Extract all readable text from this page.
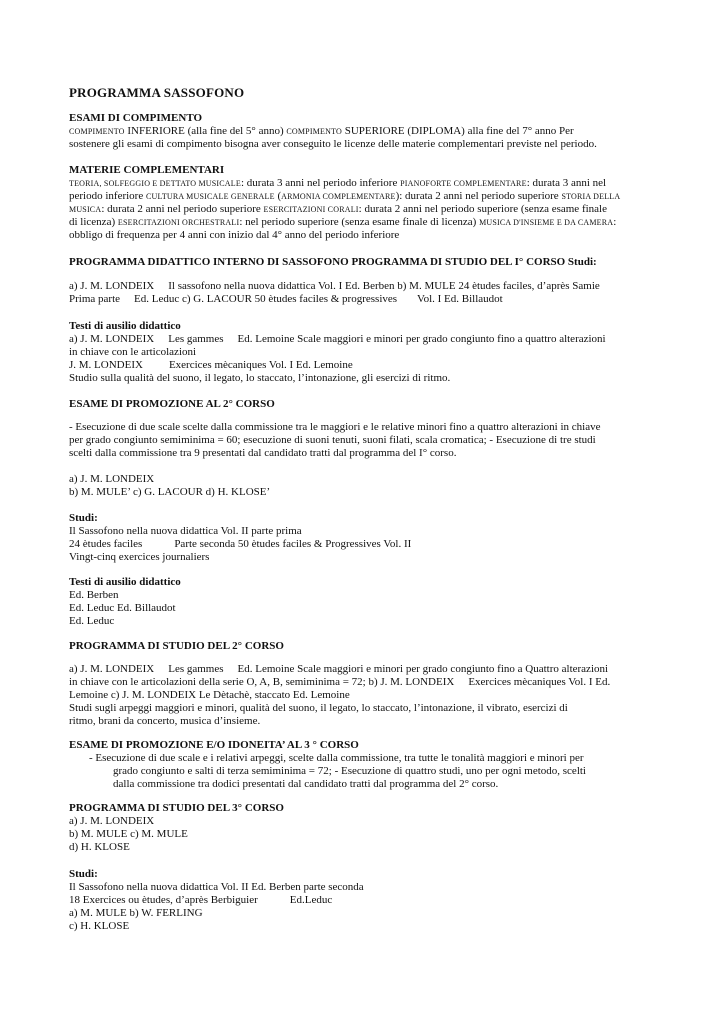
PROGRAMMA SASSOFONO

ESAMI DI COMPIMENTO

COMPIMENTO INFERIORE (alla fine del 5° anno) COMPIMENTO SUPERIORE (DIPLOMA) alla fine del 7° anno Per

sostenere gli esami di compimento bisogna aver conseguito le licenze delle materie complementari previste nel periodo.

MATERIE COMPLEMENTARI

TEORIA, SOLFEGGIO E DETTATO MUSICALE: durata 3 anni nel periodo inferiore PIANOFORTE COMPLEMENTARE: durata 3 anni nel

periodo inferiore CULTURA MUSICALE GENERALE (ARMONIA COMPLEMENTARE): durata 2 anni nel periodo superiore STORIA DELLA

MUSICA: durata 2 anni nel periodo superiore ESERCITAZIONI CORALI: durata 2 anni nel periodo superiore (senza esame finale

di licenza) ESERCITAZIONI ORCHESTRALI: nel periodo superiore (senza esame finale di licenza) MUSICA D'INSIEME E DA CAMERA:

obbligo di frequenza per 4 anni con inizio dal 4° anno del periodo inferiore

PROGRAMMA DIDATTICO INTERNO DI SASSOFONO PROGRAMMA DI STUDIO DEL I° CORSO Studi:

a) J. M. LONDEIX Il sassofono nella nuova didattica Vol. I Ed. Berben b) M. MULE 24 ètudes faciles, d’après Samie

Prima parte Ed. Leduc c) G. LACOUR 50 ètudes faciles & progressives Vol. I Ed. Billaudot

Testi di ausilio didattico

a) J. M. LONDEIX Les gammes Ed. Lemoine Scale maggiori e minori per grado congiunto fino a quattro alterazioni

in chiave con le articolazioni

J. M. LONDEIX Exercices mècaniques Vol. I Ed. Lemoine

Studio sulla qualità del suono, il legato, lo staccato, l’intonazione, gli esercizi di ritmo.

ESAME DI PROMOZIONE AL 2° CORSO

- Esecuzione di due scale scelte dalla commissione tra le maggiori e le relative minori fino a quattro alterazioni in chiave

per grado congiunto semiminima = 60; esecuzione di suoni tenuti, suoni filati, scala cromatica; - Esecuzione di tre studi

scelti dalla commissione tra 9 presentati dal candidato tratti dal programma del I° corso.

a) J. M. LONDEIX

b) M. MULE’ c) G. LACOUR d) H. KLOSE’

Studi:

Il Sassofono nella nuova didattica Vol. II parte prima

24 ètudes faciles	Parte seconda 50 ètudes faciles & Progressives Vol. II

Vingt-cinq exercices journaliers

Testi di ausilio didattico

Ed. Berben

Ed. Leduc Ed. Billaudot

Ed. Leduc

PROGRAMMA DI STUDIO DEL 2° CORSO

a) J. M. LONDEIX Les gammes Ed. Lemoine Scale maggiori e minori per grado congiunto fino a Quattro alterazioni

in chiave con le articolazioni della serie O, A, B, semiminima = 72; b) J. M. LONDEIX Exercices mècaniques Vol. I Ed.

Lemoine c) J. M. LONDEIX Le Dètachè, staccato Ed. Lemoine

Studi sugli arpeggi maggiori e minori, qualità del suono, il legato, lo staccato, l’intonazione, il vibrato, esercizi di

ritmo, brani da concerto, musica d’insieme.

ESAME DI PROMOZIONE E/O IDONEITA’ AL 3 ° CORSO

- Esecuzione di due scale e i relativi arpeggi, scelte dalla commissione, tra tutte le tonalità maggiori e minori per

grado congiunto e salti di terza semiminima = 72; - Esecuzione di quattro studi, uno per ogni metodo, scelti

dalla commissione tra dodici presentati dal candidato tratti dal programma del 2° corso.

PROGRAMMA DI STUDIO DEL 3° CORSO

a) J. M. LONDEIX

b) M. MULE c) M. MULE

d) H. KLOSE

Studi:

Il Sassofono nella nuova didattica Vol. II Ed. Berben parte seconda

18 Exercices ou ètudes, d’après Berbiguier	Ed.Leduc

a) M. MULE b) W. FERLING

c) H. KLOSE
